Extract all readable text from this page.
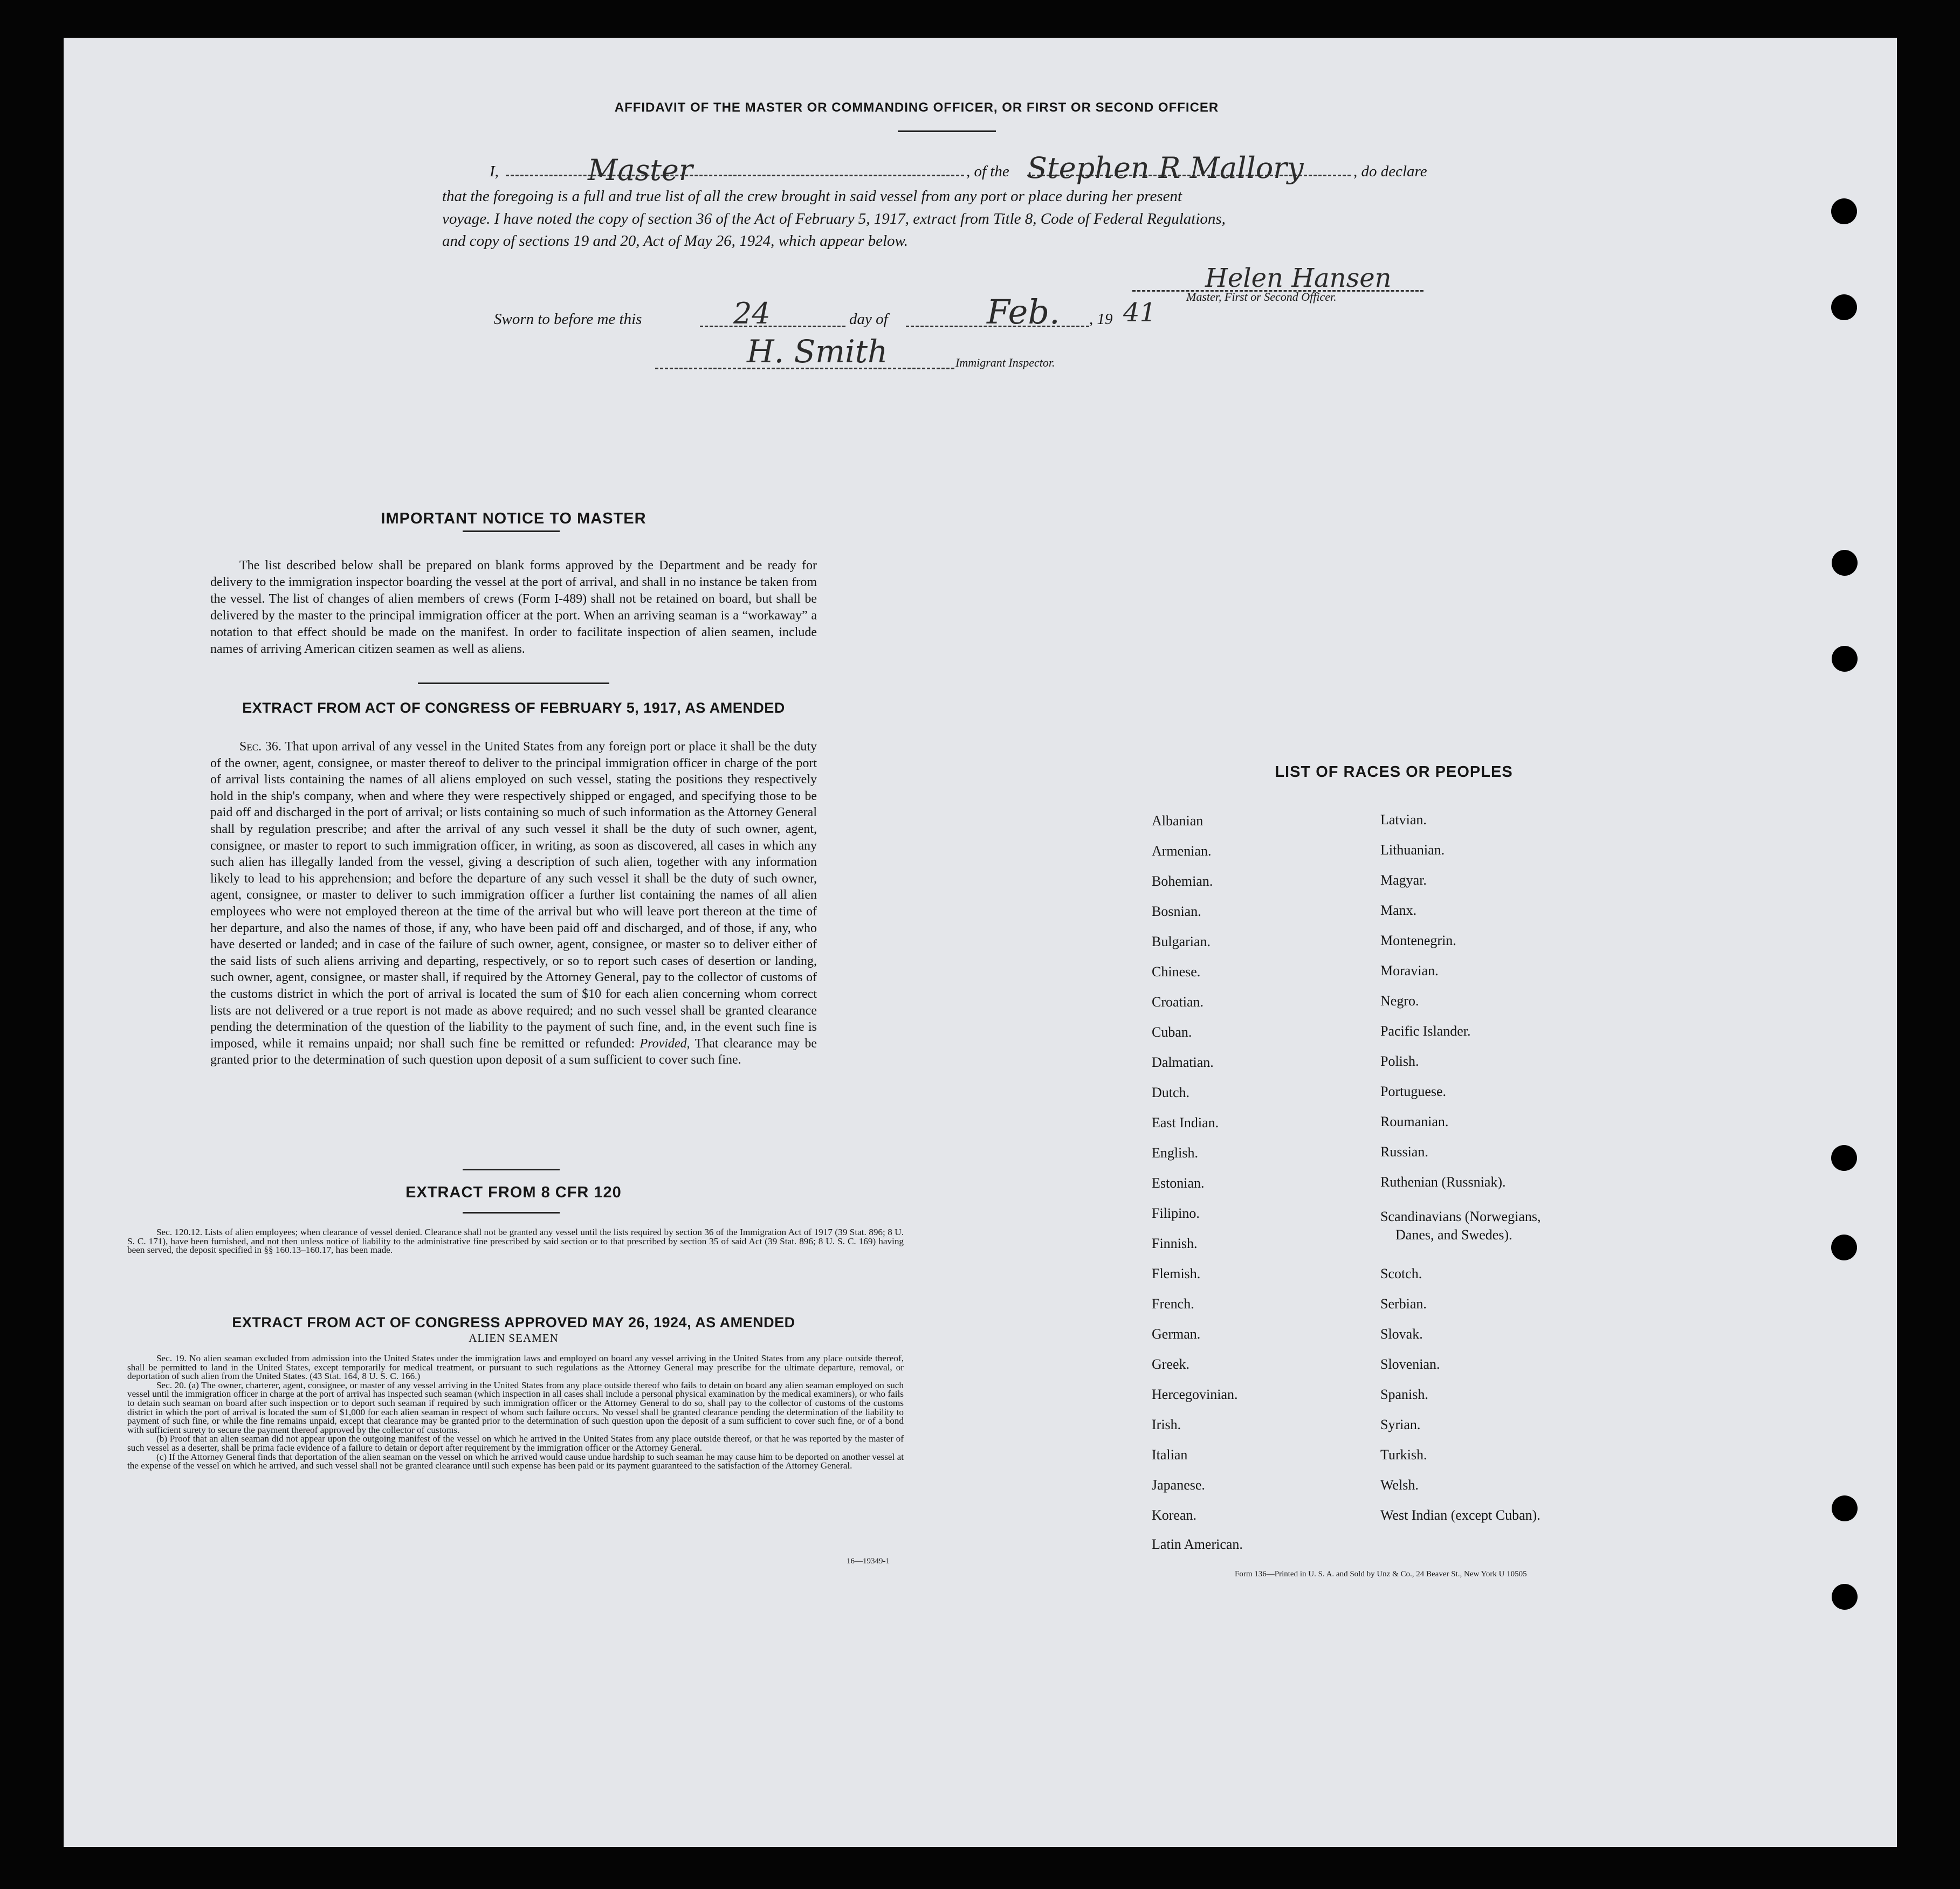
AFFIDAVIT OF THE MASTER OR COMMANDING OFFICER, OR FIRST OR SECOND OFFICER
I,	Master	, of the Stephen R Mallory	, do declare
that the foregoing is a full and true list of all the crew brought in said vessel from any port or place during her present
voyage. I have noted the copy of section 36 of the Act of February 5, 1917, extract from Title 8, Code of Federal Regulations,
and copy of sections 19 and 20, Act of May 26, 1924, which appear below.
Helen Hansen
Master, First or Second Officer.
Sworn to before me this	24	day of	Feb. , 19 41
H. Smith	Immigrant Inspector.
IMPORTANT NOTICE TO MASTER

The list described below shall be prepared on blank forms approved by the Department and be ready for delivery to the immigration inspector boarding the vessel at the port of arrival, and shall in no instance be taken from the vessel. The list of changes of alien members of crews (Form I-489) shall not be retained on board, but shall be delivered by the master to the principal immigration officer at the port. When an arriving seaman is a “workaway” a notation to that effect should be made on the manifest. In order to facilitate inspection of alien seamen, include names of arriving American citizen seamen as well as aliens.

EXTRACT FROM ACT OF CONGRESS OF FEBRUARY 5, 1917, AS AMENDED

Sec. 36. That upon arrival of any vessel in the United States from any foreign port or place it shall be the duty of the owner, agent, consignee, or master thereof to deliver to the principal immigration officer in charge of the port of arrival lists containing the names of all aliens employed on such vessel, stating the positions they respectively hold in the ship's company, when and where they were respectively shipped or engaged, and specifying those to be paid off and discharged in the port of arrival; or lists containing so much of such information as the Attorney General shall by regulation prescribe; and after the arrival of any such vessel it shall be the duty of such owner, agent, consignee, or master to report to such immigration officer, in writing, as soon as discovered, all cases in which any such alien has illegally landed from the vessel, giving a description of such alien, together with any information likely to lead to his apprehension; and before the departure of any such vessel it shall be the duty of such owner, agent, consignee, or master to deliver to such immigration officer a further list containing the names of all alien employees who were not employed thereon at the time of the arrival but who will leave port thereon at the time of her departure, and also the names of those, if any, who have been paid off and discharged, and of those, if any, who have deserted or landed; and in case of the failure of such owner, agent, consignee, or master so to deliver either of the said lists of such aliens arriving and departing, respectively, or so to report such cases of desertion or landing, such owner, agent, consignee, or master shall, if required by the Attorney General, pay to the collector of customs of the customs district in which the port of arrival is located the sum of $10 for each alien concerning whom correct lists are not delivered or a true report is not made as above required; and no such vessel shall be granted clearance pending the determination of the question of the liability to the payment of such fine, and, in the event such fine is imposed, while it remains unpaid; nor shall such fine be remitted or refunded: Provided, That clearance may be granted prior to the determination of such question upon deposit of a sum sufficient to cover such fine.

EXTRACT FROM 8 CFR 120

Sec. 120.12. Lists of alien employees; when clearance of vessel denied. Clearance shall not be granted any vessel until the lists required by section 36 of the Immigration Act of 1917 (39 Stat. 896; 8 U. S. C. 171), have been furnished, and not then unless notice of liability to the administrative fine prescribed by said section or to that prescribed by section 35 of said Act (39 Stat. 896; 8 U. S. C. 169) having been served, the deposit specified in §§ 160.13–160.17, has been made.

EXTRACT FROM ACT OF CONGRESS APPROVED MAY 26, 1924, AS AMENDED
ALIEN SEAMEN

Sec. 19. No alien seaman excluded from admission into the United States under the immigration laws and employed on board any vessel arriving in the United States from any place outside thereof, shall be permitted to land in the United States, except temporarily for medical treatment, or pursuant to such regulations as the Attorney General may prescribe for the ultimate departure, removal, or deportation of such alien from the United States. (43 Stat. 164, 8 U. S. C. 166.)

Sec. 20. (a) The owner, charterer, agent, consignee, or master of any vessel arriving in the United States from any place outside thereof who fails to detain on board any alien seaman employed on such vessel until the immigration officer in charge at the port of arrival has inspected such seaman (which inspection in all cases shall include a personal physical examination by the medical examiners), or who fails to detain such seaman on board after such inspection or to deport such seaman if required by such immigration officer or the Attorney General to do so, shall pay to the collector of customs of the customs district in which the port of arrival is located the sum of $1,000 for each alien seaman in respect of whom such failure occurs. No vessel shall be granted clearance pending the determination of the liability to payment of such fine, or while the fine remains unpaid, except that clearance may be granted prior to the determination of such question upon the deposit of a sum sufficient to cover such fine, or of a bond with sufficient surety to secure the payment thereof approved by the collector of customs.

(b) Proof that an alien seaman did not appear upon the outgoing manifest of the vessel on which he arrived in the United States from any place outside thereof, or that he was reported by the master of such vessel as a deserter, shall be prima facie evidence of a failure to detain or deport after requirement by the immigration officer or the Attorney General.

(c) If the Attorney General finds that deportation of the alien seaman on the vessel on which he arrived would cause undue hardship to such seaman he may cause him to be deported on another vessel at the expense of the vessel on which he arrived, and such vessel shall not be granted clearance until such expense has been paid or its payment guaranteed to the satisfaction of the Attorney General.

16—19349-1
LIST OF RACES OR PEOPLES
Albanian
Armenian.
Bohemian.
Bosnian.
Bulgarian.
Chinese.
Croatian.
Cuban.
Dalmatian.
Dutch.
East Indian.
English.
Estonian.
Filipino.
Finnish.
Flemish.
French.
German.
Greek.
Hercegovinian.
Irish.
Italian
Japanese.
Korean.
Latin American.
Latvian.
Lithuanian.
Magyar.
Manx.
Montenegrin.
Moravian.
Negro.
Pacific Islander.
Polish.
Portuguese.
Roumanian.
Russian.
Ruthenian (Russniak).
Scandinavians (Norwegians,
Danes, and Swedes).
Scotch.
Serbian.
Slovak.
Slovenian.
Spanish.
Syrian.
Turkish.
Welsh.
West Indian (except Cuban).
Form 136—Printed in U. S. A. and Sold by Unz & Co., 24 Beaver St., New York U 10505
